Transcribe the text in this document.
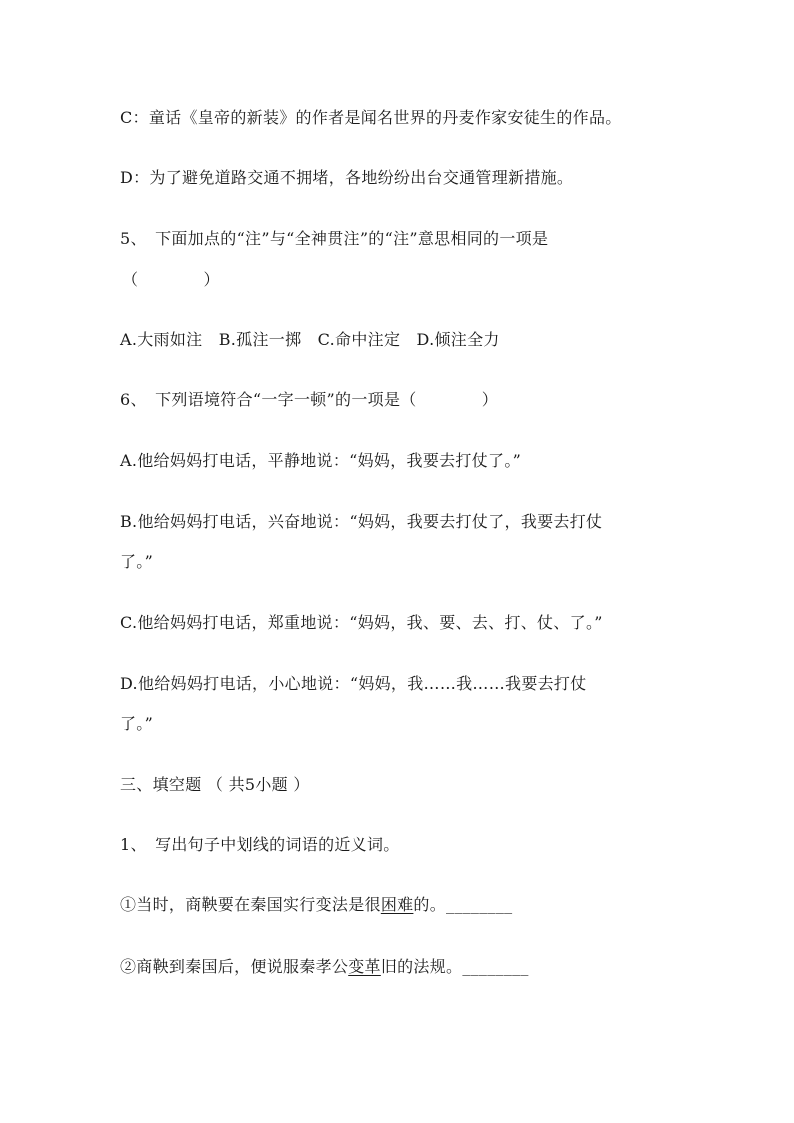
C：童话《皇帝的新装》的作者是闻名世界的丹麦作家安徒生的作品。
D：为了避免道路交通不拥堵，各地纷纷出台交通管理新措施。
5、　下面加点的“注”与“全神贯注”的“注”意思相同的一项是
（　　　　）
A.大雨如注　B.孤注一掷　C.命中注定　D.倾注全力
6、　下列语境符合“一字一顿”的一项是（　　　　）
A.他给妈妈打电话，平静地说：“妈妈，我要去打仗了。”
B.他给妈妈打电话，兴奋地说：“妈妈，我要去打仗了，我要去打仗
了。”
C.他给妈妈打电话，郑重地说：“妈妈，我、要、去、打、仗、了。”
D.他给妈妈打电话，小心地说：“妈妈，我……我……我要去打仗
了。”
三、填空题 （ 共5小题 ）
1、　写出句子中划线的词语的近义词。
①当时，商鞅要在秦国实行变法是很困难的。________
②商鞅到秦国后，便说服秦孝公变革旧的法规。________
